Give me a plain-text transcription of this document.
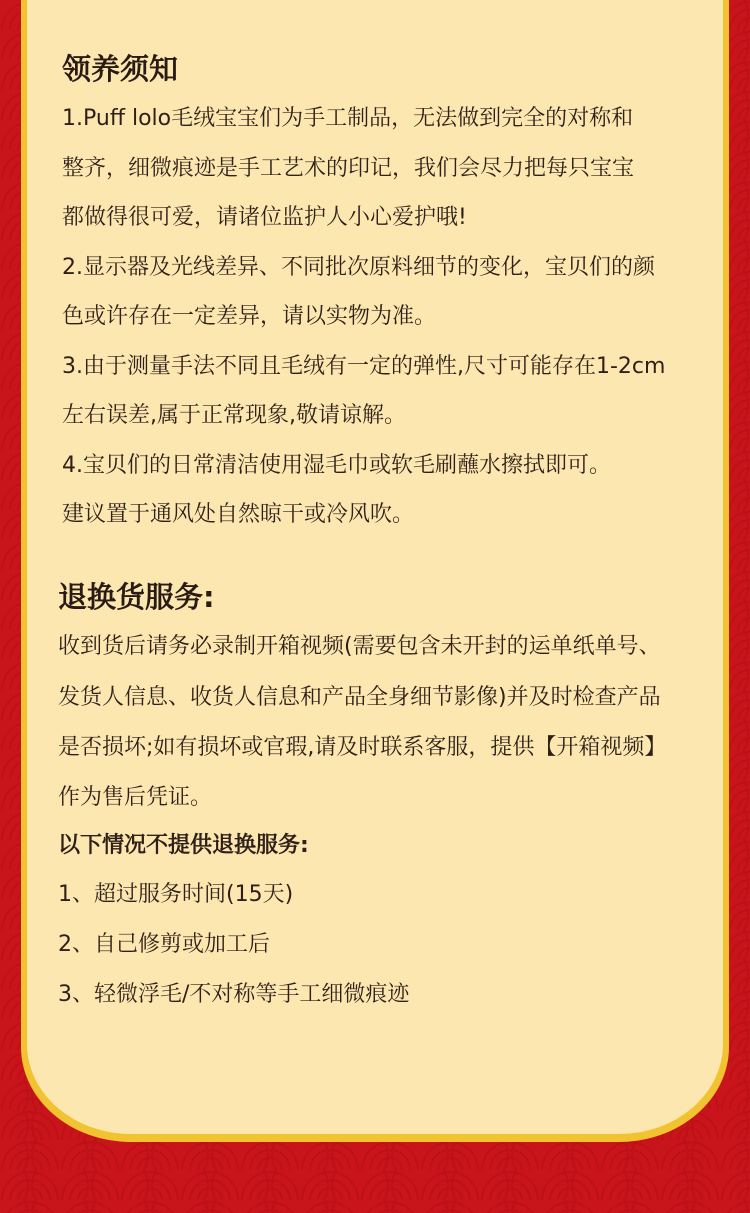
领养须知

1.Puff lolo毛绒宝宝们为手工制品，无法做到完全的对称和

整齐，细微痕迹是手工艺术的印记，我们会尽力把每只宝宝

都做得很可爱，请诸位监护人小心爱护哦!

2.显示器及光线差异、不同批次原料细节的变化，宝贝们的颜

色或许存在一定差异，请以实物为准。

3.由于测量手法不同且毛绒有一定的弹性,尺寸可能存在1-2cm

左右误差,属于正常现象,敬请谅解。

4.宝贝们的日常清洁使用湿毛巾或软毛刷蘸水擦拭即可。

建议置于通风处自然晾干或冷风吹。

退换货服务:

收到货后请务必录制开箱视频(需要包含未开封的运单纸单号、

发货人信息、收货人信息和产品全身细节影像)并及时检查产品

是否损坏;如有损坏或官瑕,请及时联系客服，提供【开箱视频】

作为售后凭证。

以下情况不提供退换服务:

1、超过服务时间(15天)

2、自己修剪或加工后

3、轻微浮毛/不对称等手工细微痕迹
